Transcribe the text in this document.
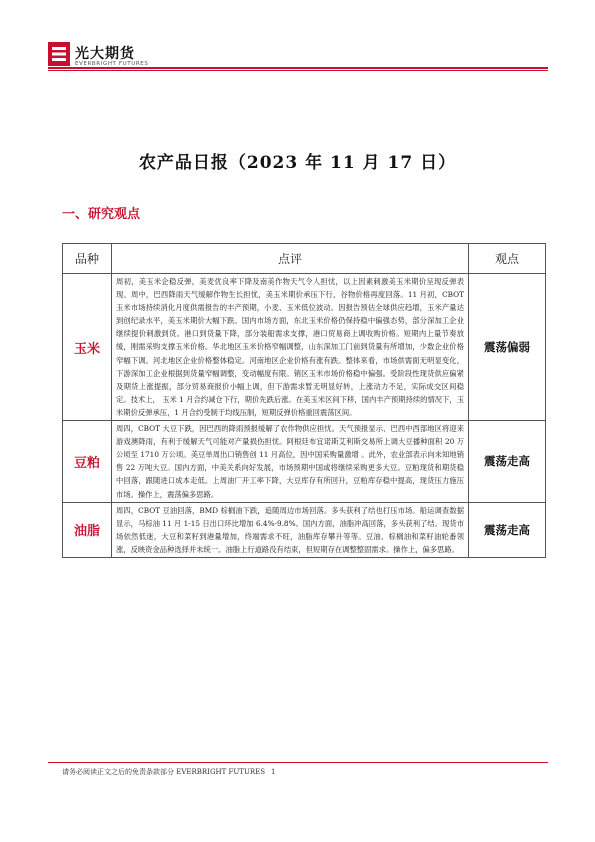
光大期货
EVERBRIGHT FUTURES
农产品日报（2023 年 11 月 17 日）
一、研究观点
品种	点评	观点
玉米	周初，美玉米企稳反弹，美麦优良率下降及南美作物天气令人担忧，以上因素刺激美玉米期价呈现反弹表现。周中，巴西降雨天气缓解作物生长担忧，美玉米期价承压下行，谷物价格再度回落。11 月初，CBOT 玉米市场持续消化月度供需报告的丰产预期，小麦、玉米低位波动。因报告预估全球供应趋增，玉米产量达到创纪录水平，美玉米期价大幅下跌。国内市场方面，东北玉米价格仍保持稳中偏强态势，部分深加工企业继续提价刺激到货。港口到货量下降，部分装船需求支撑，港口贸易商上调收购价格。短期内上量节奏放缓，刚需采购支撑玉米价格。华北地区玉米价格窄幅调整，山东深加工门前到货量有所增加，少数企业价格窄幅下调。河北地区企业价格整体稳定。河南地区企业价格有涨有跌。整体来看，市场供需面无明显变化，下游深加工企业根据到货量窄幅调整，变动幅度有限。销区玉米市场价格稳中偏强。受阶段性现货供应偏紧及期货上涨提振，部分贸易商报价小幅上调，但下游需求暂无明显好转，上涨动力不足，实际成交区间稳定。技术上， 玉米 1 月合约减仓下行，期价先跌后涨。在美玉米区间下移，国内丰产预期持续的情况下，玉米期价反弹承压，1 月合约受制于均线压制，短期反弹价格重回震荡区间。	震荡偏弱
豆粕	周四，CBOT 大豆下跌，因巴西的降雨预报缓解了农作物供应担忧。天气预报显示、巴西中西部地区将迎来游戏澳降雨，有利于缓解天气可能对产量损伤担忧。阿根廷布宜诺斯艾利斯交易所上调大豆播种面积 20 万公顷至 1710 万公顷。美豆单周出口销售创 11 月高位，因中国采购量激增 。此外，农业部表示向未知地销售 22 万吨大豆。国内方面，中美关系向好发展，市场预期中国或将继续采购更多大豆。豆粕现货和期货稳中回落，跟随进口成本走低。上周油厂开工率下降，大豆库存有所回升，豆粕库存稳中提高，现货压力施压市场。操作上，震荡偏多思路。	震荡走高
油脂	周四，CBOT 豆油回落，BMD 棕榈油下跌，追随周边市场回落。多头获利了结也打压市场。船运调查数据显示，马棕油 11 月 1-15 日出口环比增加 6.4%-9.8%。国内方面，油脂冲高回落，多头获利了结。现货市场依然低迷，大豆和菜籽到港量增加，终端需求不旺，油脂库存攀升等等。豆油、棕榈油和菜籽油轮番领涨，反映资金品种选择并未统一。油脂上行道路没有结束，但短期存在调整整固需求。操作上，偏多思路。	震荡走高
请务必阅读正文之后的免责条款部分 EVERBRIGHT FUTURES 1
